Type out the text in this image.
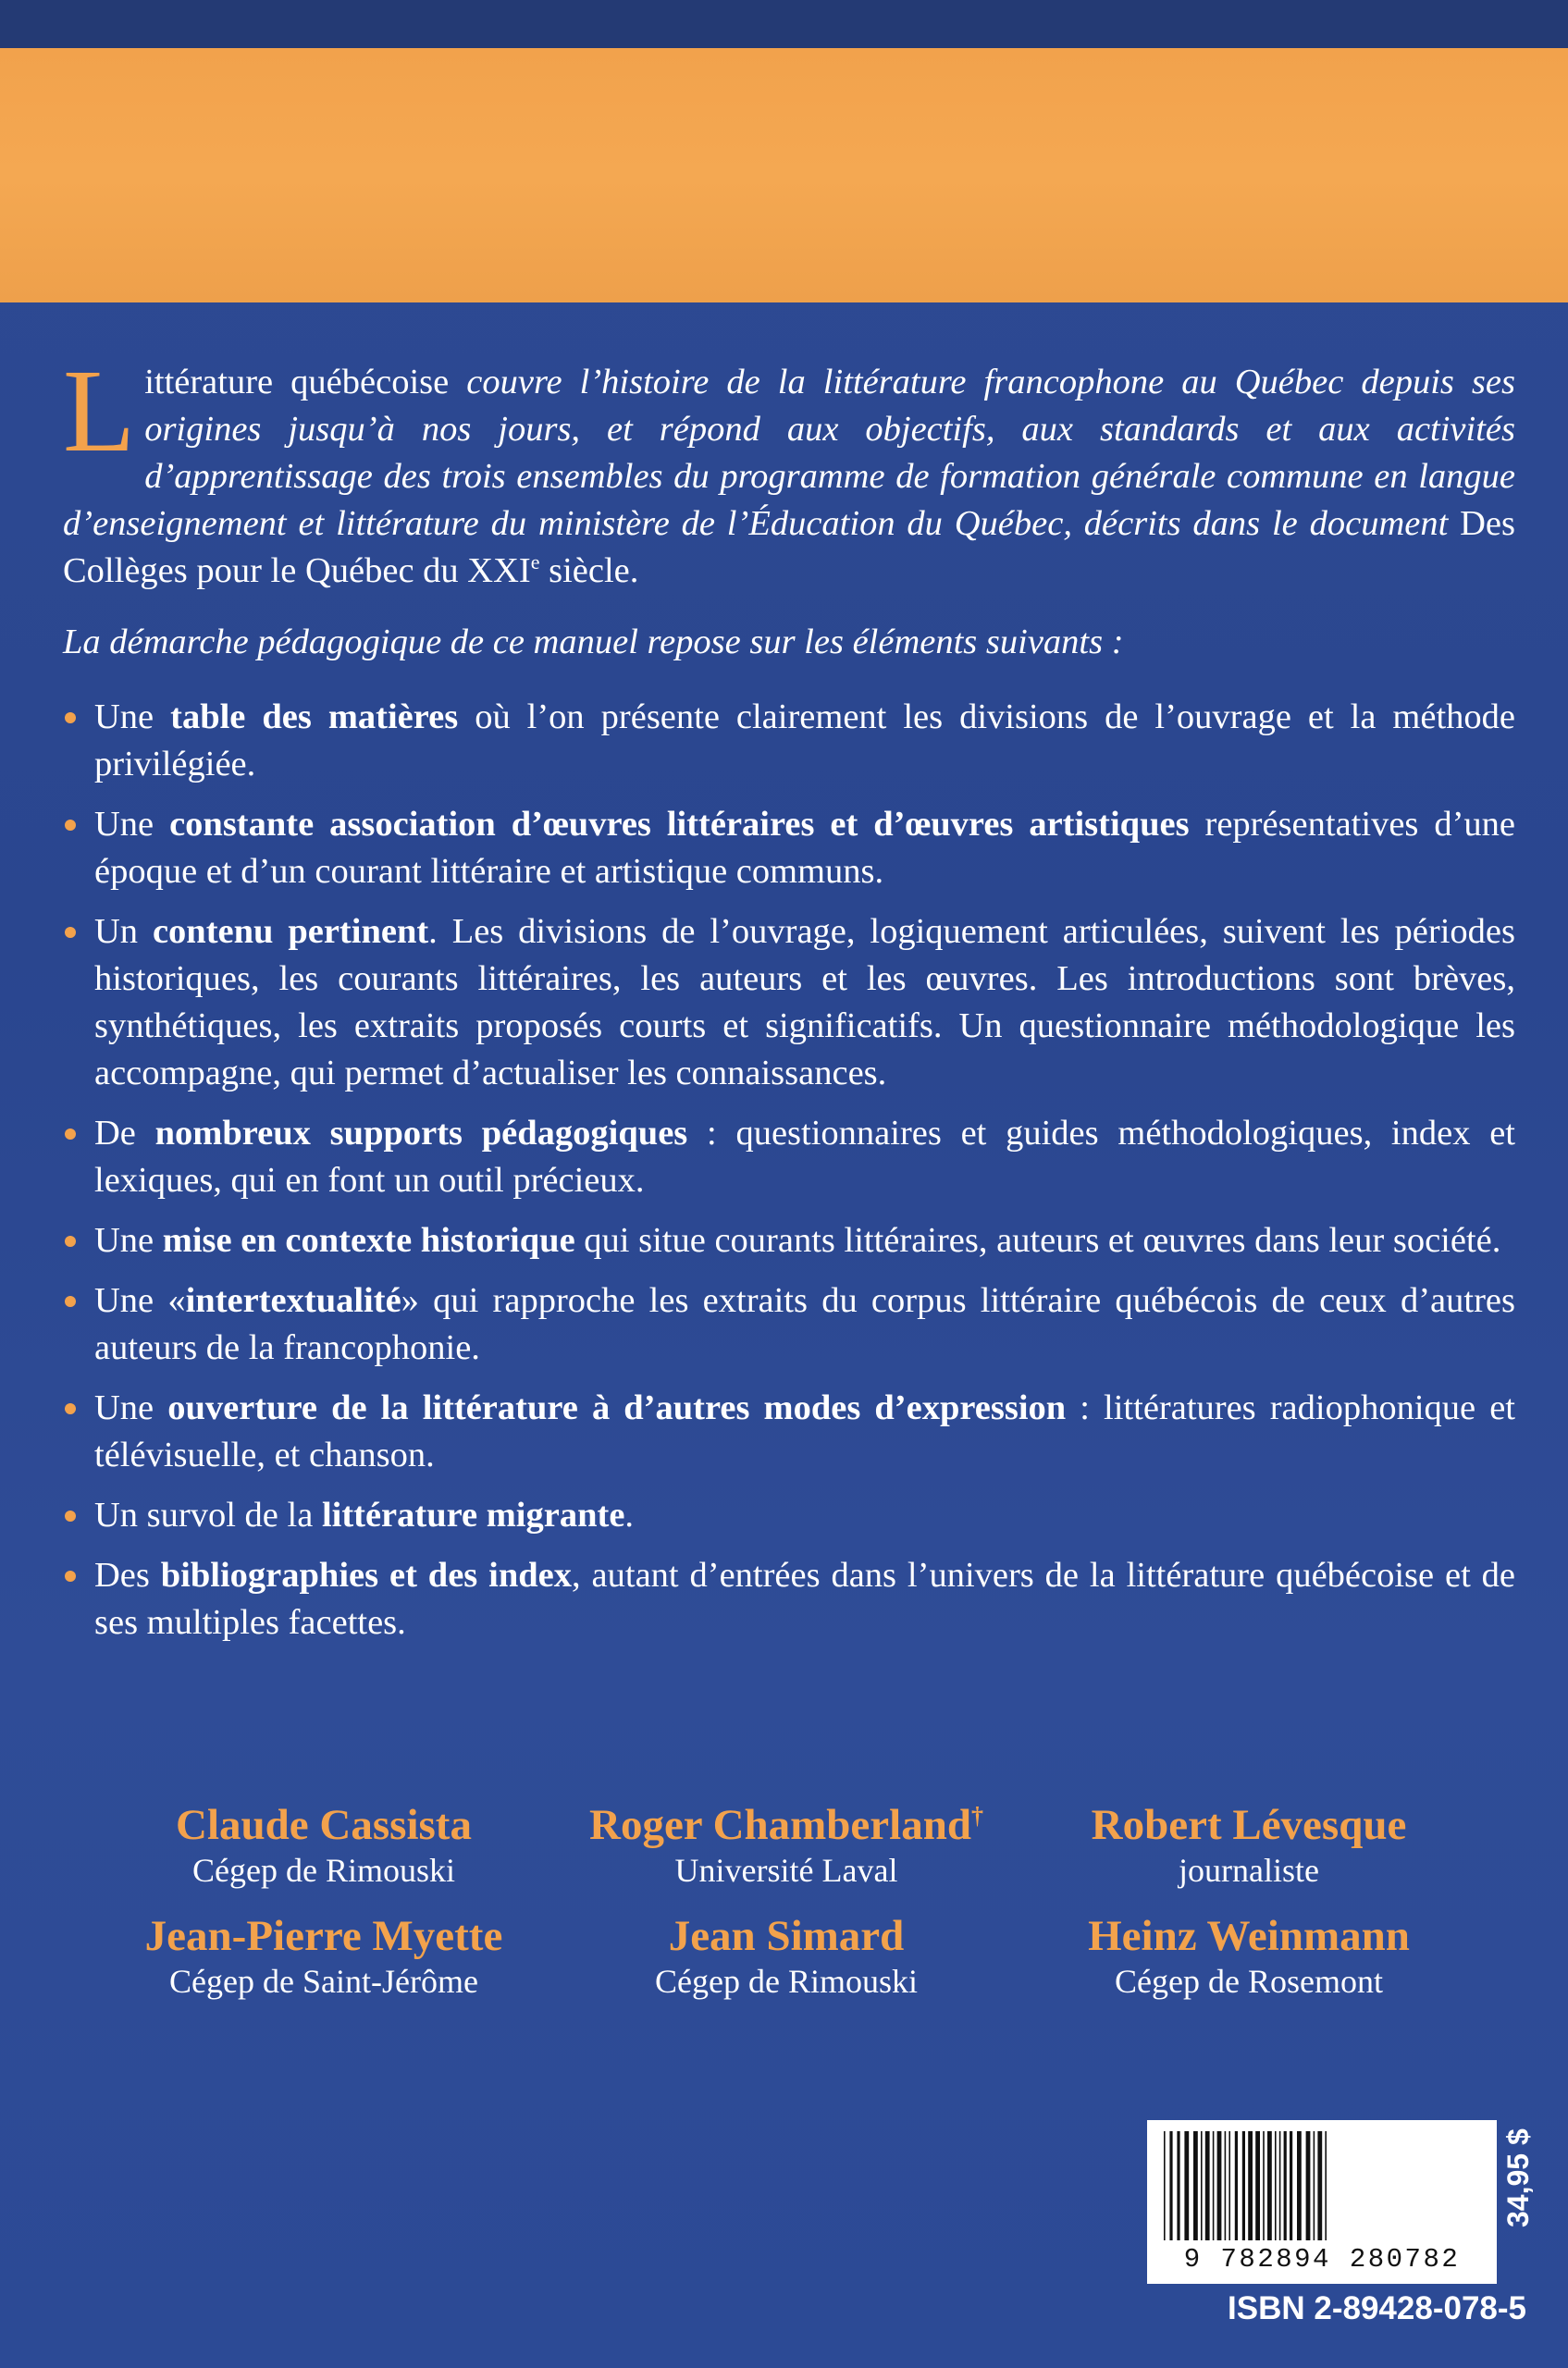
Littérature québécoise couvre l’histoire de la littérature francophone au Québec depuis ses origines jusqu’à nos jours, et répond aux objectifs, aux standards et aux activités d’apprentissage des trois ensembles du programme de formation générale commune en langue d’enseignement et littérature du ministère de l’Éducation du Québec, décrits dans le document Des Collèges pour le Québec du XXIe siècle.

La démarche pédagogique de ce manuel repose sur les éléments suivants :

Une table des matières où l’on présente clairement les divisions de l’ouvrage et la méthode privilégiée.
Une constante association d’œuvres littéraires et d’œuvres artistiques représentatives d’une époque et d’un courant littéraire et artistique communs.
Un contenu pertinent. Les divisions de l’ouvrage, logiquement articulées, suivent les périodes historiques, les courants littéraires, les auteurs et les œuvres. Les introductions sont brèves, synthétiques, les extraits proposés courts et significatifs. Un questionnaire méthodologique les accompagne, qui permet d’actualiser les connaissances.
De nombreux supports pédagogiques : questionnaires et guides méthodologiques, index et lexiques, qui en font un outil précieux.
Une mise en contexte historique qui situe courants littéraires, auteurs et œuvres dans leur société.
Une «intertextualité» qui rapproche les extraits du corpus littéraire québécois de ceux d’autres auteurs de la francophonie.
Une ouverture de la littérature à d’autres modes d’expression : littératures radiophonique et télévisuelle, et chanson.
Un survol de la littérature migrante.
Des bibliographies et des index, autant d’entrées dans l’univers de la littérature québécoise et de ses multiples facettes.
Claude Cassista
Cégep de Rimouski
Roger Chamberland†
Université Laval
Robert Lévesque
journaliste
Jean-Pierre Myette
Cégep de Saint-Jérôme
Jean Simard
Cégep de Rimouski
Heinz Weinmann
Cégep de Rosemont
9 782894 280782
34,95 $
ISBN 2-89428-078-5
